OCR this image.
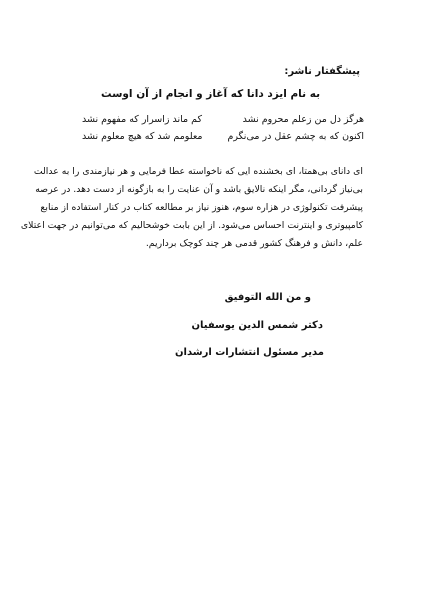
پیشگفتار ناشر:
به نام ایزد دانا که آغاز و انجام از آن اوست
هرگز دل من زعلم محروم نشد
کم ماند زاسرار که مفهوم نشد
اکنون که به چشم عقل در می‌نگرم
معلومم شد که هیچ معلوم نشد
ای دانای بی‌همتا، ای بخشنده ایی که ناخواسته عطا فرمایی و هر نیازمندی را به عدالت
بی‌نیاز گردانی، مگر اینکه نالایق باشد و آن عنایت را به بازگونه از دست دهد. در عرصه
پیشرفت تکنولوژی در هزاره سوم، هنوز نیاز بر مطالعه کتاب در کنار استفاده از منابع
کامپیوتری و اینترنت احساس می‌شود. از این بابت خوشحالیم که می‌توانیم در جهت اعتلای
علم، دانش و فرهنگ کشور قدمی هر چند کوچک برداریم.
و من الله التوفیق
دکتر شمس الدین یوسفیان
مدیر مسئول انتشارات ارشدان
